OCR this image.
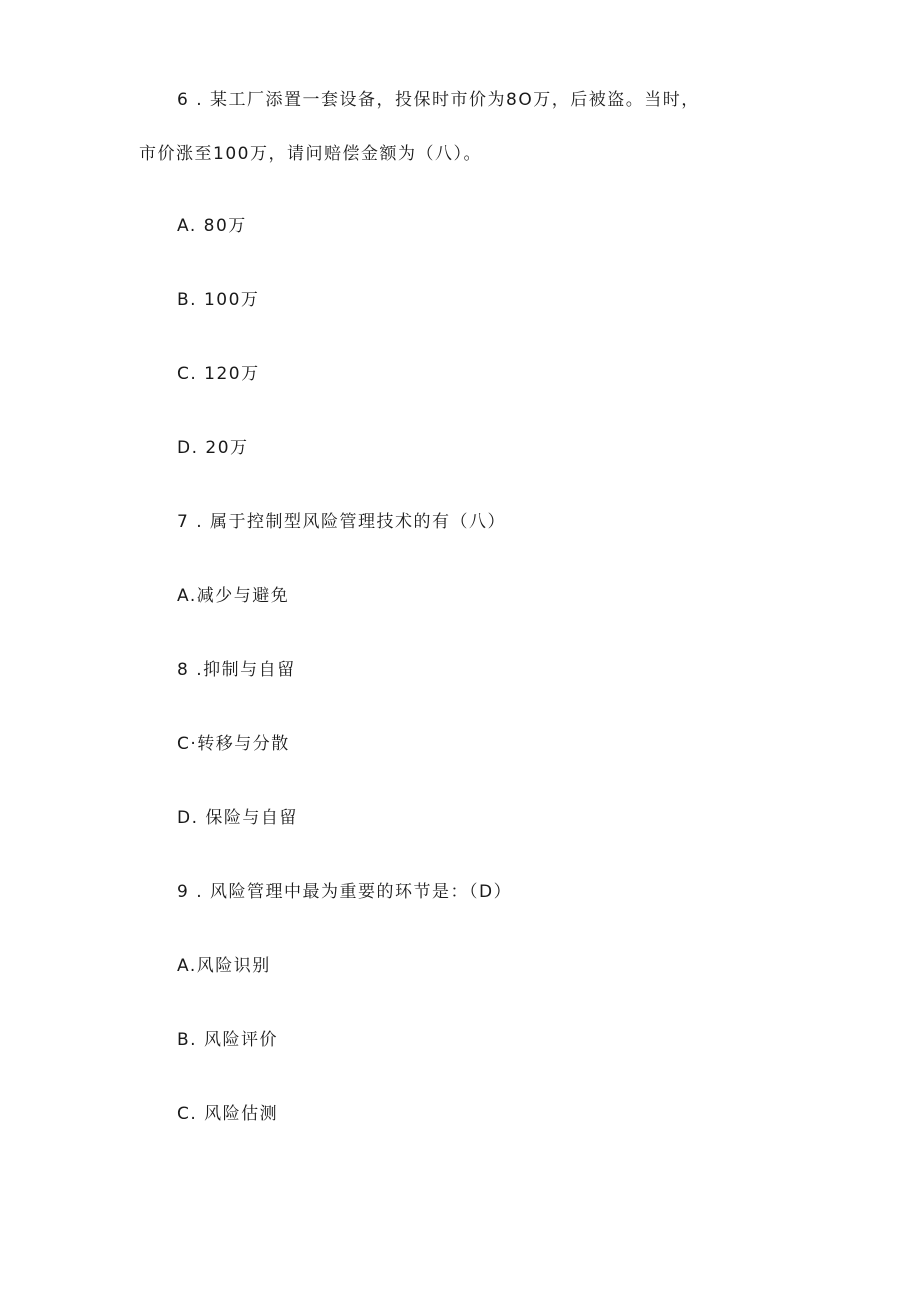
6 . 某工厂添置一套设备，投保时市价为8O万，后被盗。当时，
市价涨至100万，请问赔偿金额为（八）。
A. 80万
B. 100万
C. 120万
D. 20万
7 . 属于控制型风险管理技术的有（八）
A.减少与避免
8 .抑制与自留
C·转移与分散
D. 保险与自留
9 . 风险管理中最为重要的环节是：（D）
A.风险识别
B. 风险评价
C. 风险估测
